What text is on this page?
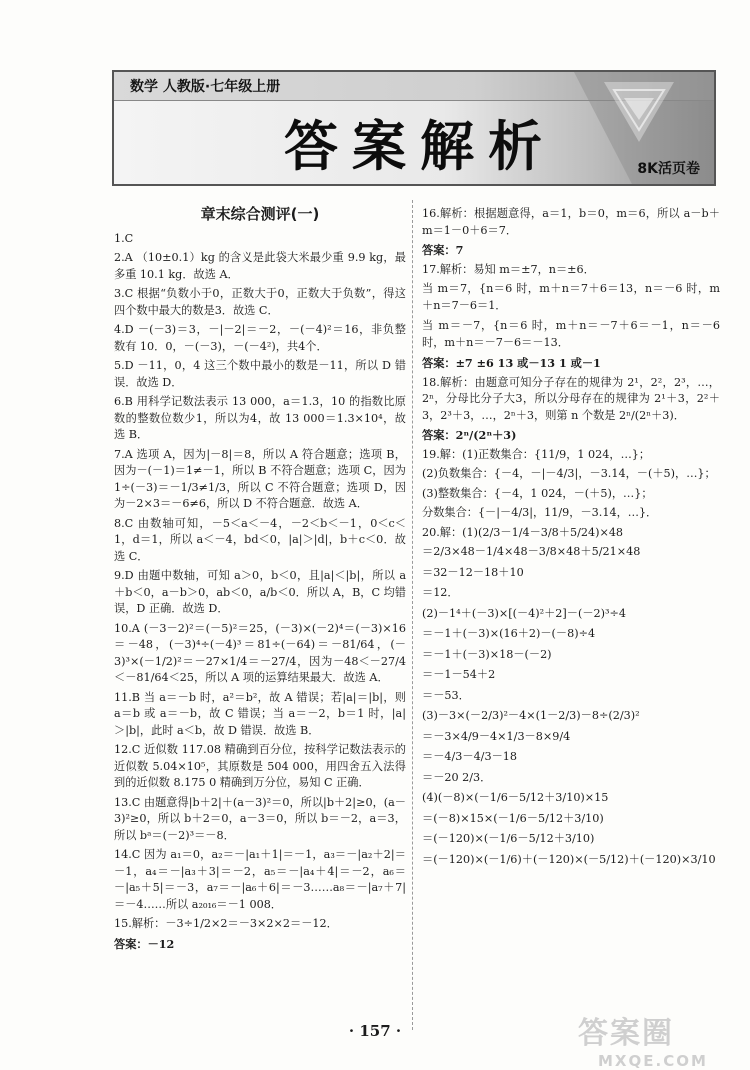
数学 人教版·七年级上册
答案解析	8K活页卷
章末综合测评(一)
1.C
2.A （10±0.1）kg 的含义是此袋大米最少重 9.9 kg，最多重 10.1 kg．故选 A．
3.C 根据“负数小于0，正数大于0，正数大于负数”，得这四个数中最大的数是3．故选 C．
4.D －(－3)＝3，－|－2|＝－2，－(－4)²＝16，非负整数有 10．0，－(－3)，－(－4²)，共4个．
5.D －11，0，4 这三个数中最小的数是－11，所以 D 错误．故选 D．
6.B 用科学记数法表示 13 000，a＝1.3，10 的指数比原数的整数位数少1，所以为4，故 13 000＝1.3×10⁴，故选 B．
7.A 选项 A，因为|－8|＝8，所以 A 符合题意；选项 B，因为－(－1)＝1≠－1，所以 B 不符合题意；选项 C，因为 1÷(－3)＝－1/3≠1/3，所以 C 不符合题意；选项 D，因为－2×3＝－6≠6，所以 D 不符合题意．故选 A．
8.C 由数轴可知，－5＜a＜－4，－2＜b＜－1，0＜c＜1，d＝1，所以 a＜－4，bd＜0，|a|＞|d|，b＋c＜0．故选 C．
9.D 由题中数轴，可知 a＞0，b＜0，且|a|＜|b|，所以 a＋b＜0，a－b＞0，ab＜0，a/b＜0．所以 A，B，C 均错误，D 正确．故选 D．
10.A (－3－2)²＝(－5)²＝25，(－3)×(－2)⁴＝(－3)×16＝－48，(－3)⁴÷(－4)³＝81÷(－64)＝－81/64，(－3)³×(－1/2)²＝－27×1/4＝－27/4，因为－48＜－27/4＜－81/64＜25，所以 A 项的运算结果最大．故选 A．
11.B 当 a＝－b 时，a²＝b²，故 A 错误；若|a|＝|b|，则 a＝b 或 a＝－b，故 C 错误；当 a＝－2，b＝1 时，|a|＞|b|，此时 a＜b，故 D 错误．故选 B．
12.C 近似数 117.08 精确到百分位，按科学记数法表示的近似数 5.04×10⁵，其原数是 504 000，用四舍五入法得到的近似数 8.175 0 精确到万分位，易知 C 正确．
13.C 由题意得|b＋2|＋(a－3)²＝0，所以|b＋2|≥0，(a－3)²≥0，所以 b＋2＝0，a－3＝0，所以 b＝－2，a＝3，所以 bᵃ＝(－2)³＝－8．
14.C 因为 a₁＝0，a₂＝－|a₁＋1|＝－1，a₃＝－|a₂＋2|＝－1，a₄＝－|a₃＋3|＝－2，a₅＝－|a₄＋4|＝－2，a₆＝－|a₅＋5|＝－3，a₇＝－|a₆＋6|＝－3……a₈＝－|a₇＋7|＝－4……所以 a₂₀₁₆＝－1 008．
15.解析：－3÷1/2×2＝－3×2×2＝－12．
答案：－12
16.解析：根据题意得，a＝1，b＝0，m＝6，所以 a－b＋m＝1－0＋6＝7．
答案：7
17.解析：易知 m＝±7，n＝±6．
当 m＝7，{n＝6 时，m＋n＝7＋6＝13，n＝－6 时，m＋n＝7－6＝1．
当 m＝－7，{n＝6 时，m＋n＝－7＋6＝－1，n＝－6 时，m＋n＝－7－6＝－13．
答案：±7 ±6 13 或－13 1 或－1
18.解析：由题意可知分子存在的规律为 2¹，2²，2³，…，2ⁿ，分母比分子大3，所以分母存在的规律为 2¹＋3，2²＋3，2³＋3，…，2ⁿ＋3，则第 n 个数是 2ⁿ/(2ⁿ＋3)．
答案：2ⁿ/(2ⁿ＋3)
19.解：(1)正数集合：{11/9，1 024，…}；
(2)负数集合：{－4，－|－4/3|，－3.14，－(＋5)，…}；
(3)整数集合：{－4，1 024，－(＋5)，…}；
分数集合：{－|－4/3|，11/9，－3.14，…}．
20.解：(1)(2/3－1/4－3/8＋5/24)×48
＝2/3×48－1/4×48－3/8×48＋5/21×48
＝32－12－18＋10
＝12．
(2)－1⁴＋(－3)×[(－4)²＋2]－(－2)³÷4
＝－1＋(－3)×(16＋2)－(－8)÷4
＝－1＋(－3)×18－(－2)
＝－1－54＋2
＝－53．
(3)－3×(－2/3)²－4×(1－2/3)－8÷(2/3)²
＝－3×4/9－4×1/3－8×9/4
＝－4/3－4/3－18
＝－20 2/3．
(4)(－8)×(－1/6－5/12＋3/10)×15
＝(－8)×15×(－1/6－5/12＋3/10)
＝(－120)×(－1/6－5/12＋3/10)
＝(－120)×(－1/6)＋(－120)×(－5/12)＋(－120)×3/10
· 157 ·	答案圈
MXQE.COM
